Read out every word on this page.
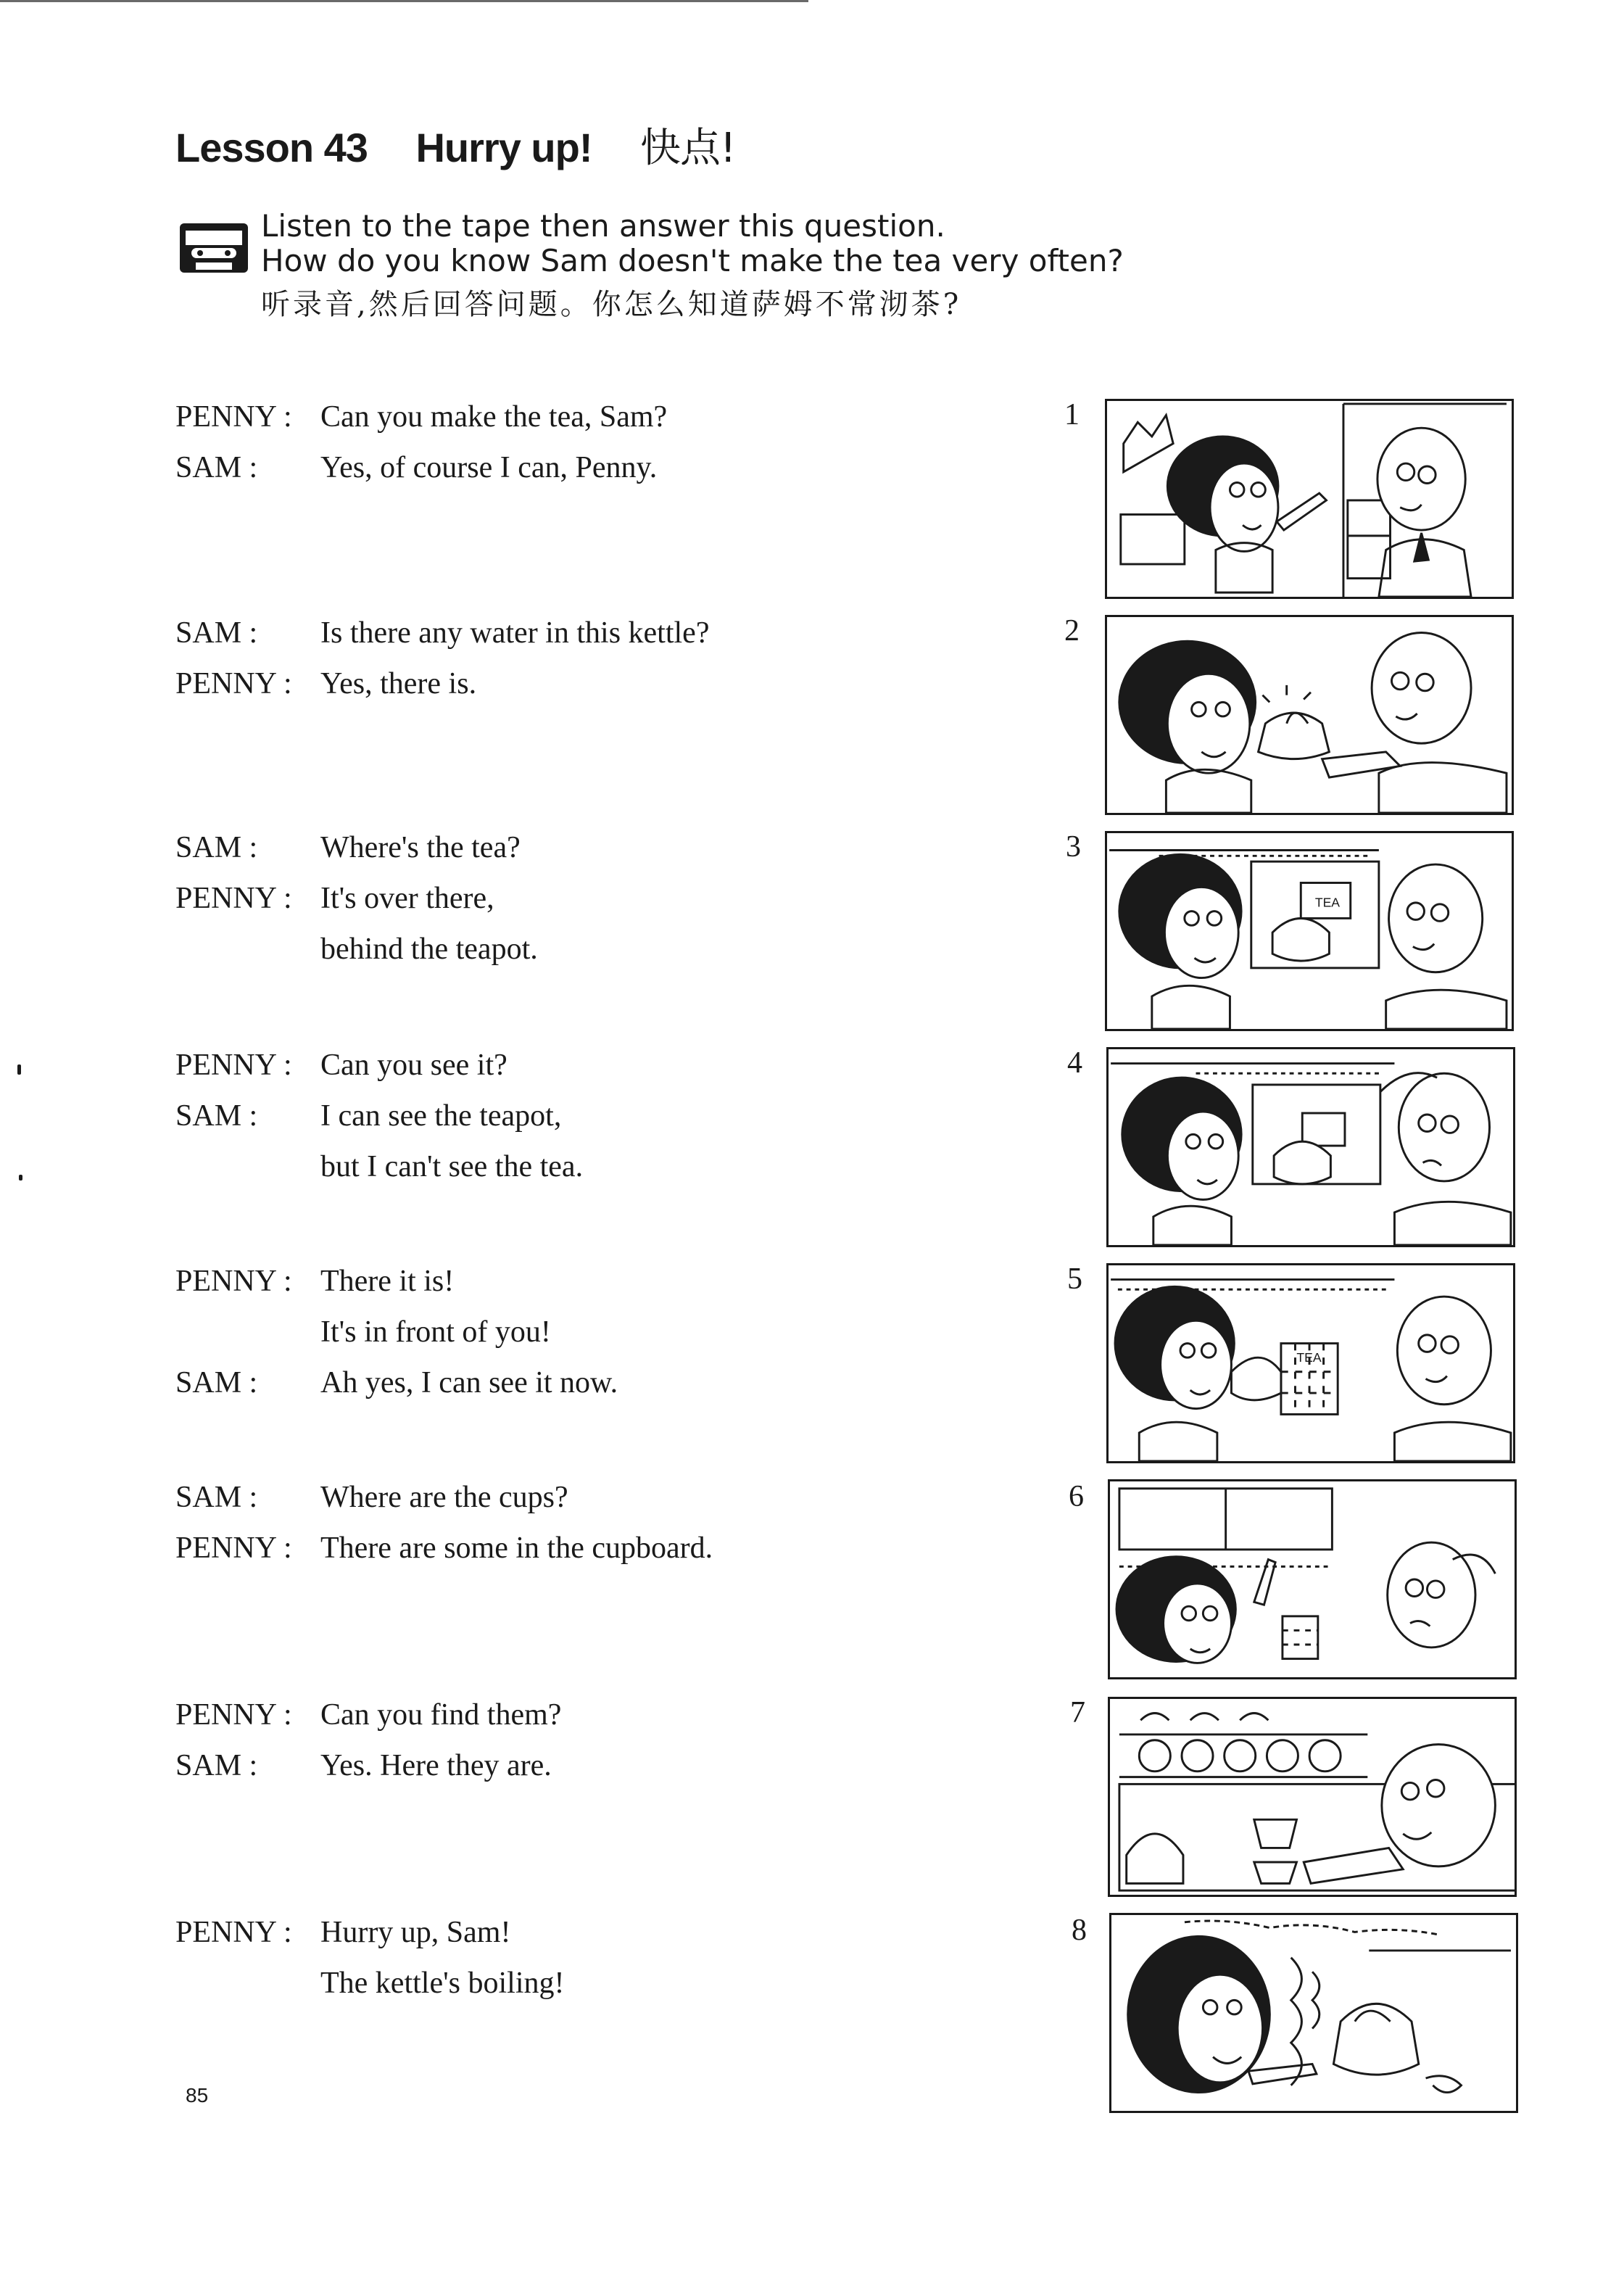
Lesson 43 Hurry up! 快点!
Listen to the tape then answer this question.
How do you know Sam doesn't make the tea very often?
听录音,然后回答问题。你怎么知道萨姆不常沏茶?
PENNY : Can you make the tea, Sam?
SAM :	Yes, of course I can, Penny.
SAM :	Is there any water in this kettle?
PENNY : Yes, there is.
SAM :	Where's the tea?
PENNY : It's over there,
behind the teapot.
PENNY : Can you see it?
SAM :	I can see the teapot,
but I can't see the tea.
PENNY : There it is!
It's in front of you!
SAM :	Ah yes, I can see it now.
SAM :	Where are the cups?
PENNY : There are some in the cupboard.
PENNY : Can you find them?
SAM :	Yes. Here they are.
PENNY : Hurry up, Sam!
The kettle's boiling!
1
2
3
4
5
6
7
8
TEA
TEA
85
